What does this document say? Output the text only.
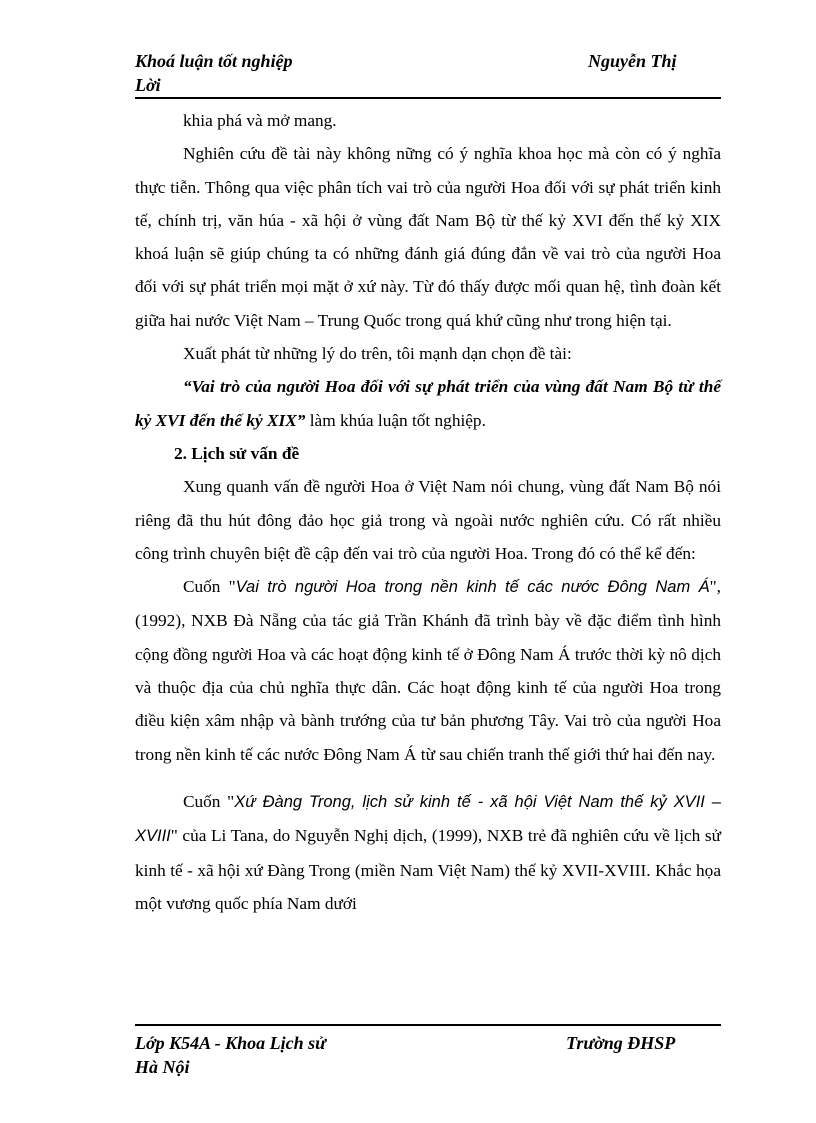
Khoá luận tốt nghiệp
Lời
Nguyễn Thị

khia phá và mở mang.

Nghiên cứu đề tài này không nững có ý nghĩa khoa học mà còn có ý nghĩa thực tiễn. Thông qua việc phân tích vai trò của người Hoa đối với sự phát triển kinh tế, chính trị, văn húa - xã hội ở vùng đất Nam Bộ từ thế kỷ XVI đến thế kỷ XIX khoá luận sẽ giúp chúng ta có những đánh giá đúng đắn về vai trò của người Hoa đối với sự phát triển mọi mặt ở xứ này. Từ đó thấy được mối quan hệ, tình đoàn kết giữa hai nước Việt Nam – Trung Quốc trong quá khứ cũng như trong hiện tại.

Xuất phát từ những lý do trên, tôi mạnh dạn chọn đề tài:

“Vai trò của người Hoa đối với sự phát triển của vùng đất Nam Bộ từ thế kỷ XVI đến thế kỷ XIX” làm khúa luận tốt nghiệp.

2. Lịch sử vấn đề

Xung quanh vấn đề người Hoa ở Việt Nam nói chung, vùng đất Nam Bộ nói riêng đã thu hút đông đảo học giả trong và ngoài nước nghiên cứu. Có rất nhiều công trình chuyên biệt đề cập đến vai trò của người Hoa. Trong đó có thể kể đến:

Cuốn "Vai trò người Hoa trong nền kinh tế các nước Đông Nam Á", (1992), NXB Đà Nẵng của tác giả Trần Khánh đã trình bày về đặc điểm tình hình cộng đồng người Hoa và các hoạt động kinh tế ở Đông Nam Á trước thời kỳ nô dịch và thuộc địa của chủ nghĩa thực dân. Các hoạt động kinh tế của người Hoa trong điều kiện xâm nhập và bành trướng của tư bản phương Tây. Vai trò của người Hoa trong nền kinh tế các nước Đông Nam Á từ sau chiến tranh thế giới thứ hai đến nay.

Cuốn "Xứ Đàng Trong, lịch sử kinh tế - xã hội Việt Nam thế kỷ XVII – XVIII" của Li Tana, do Nguyễn Nghị dịch, (1999), NXB trẻ đã nghiên cứu về lịch sử kinh tế - xã hội xứ Đàng Trong (miền Nam Việt Nam) thế kỷ XVII-XVIII. Khắc họa một vương quốc phía Nam dưới

Lớp K54A - Khoa Lịch sử
Hà Nội
Trường ĐHSP
